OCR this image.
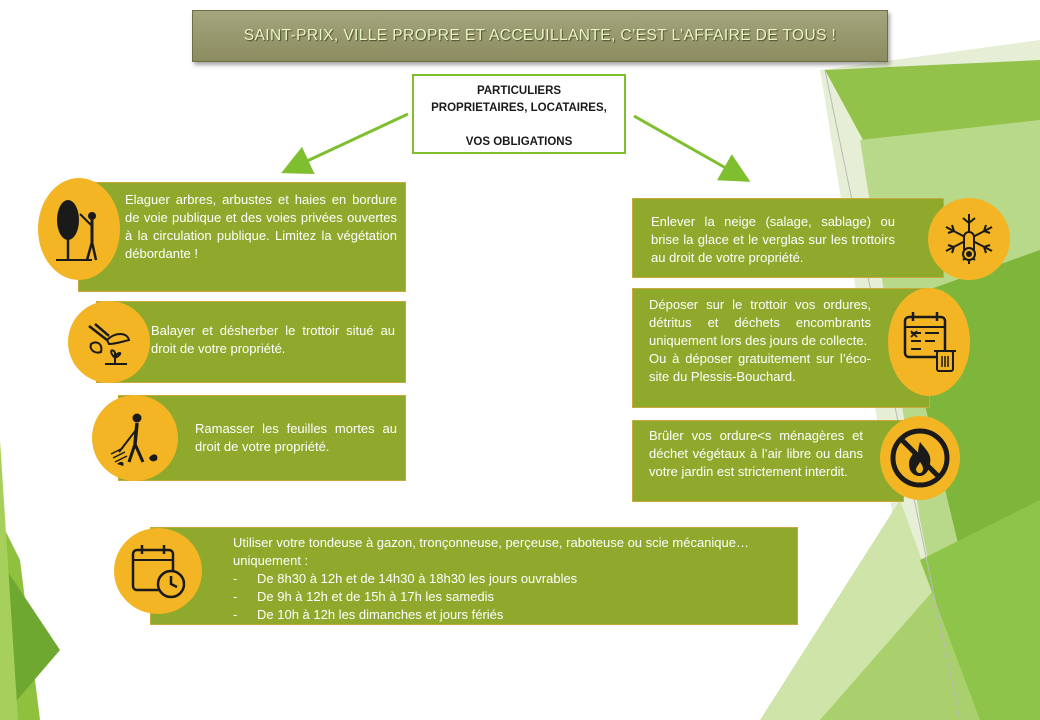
SAINT-PRIX, VILLE PROPRE ET ACCEUILLANTE, C’EST L’AFFAIRE DE TOUS !
PARTICULIERS
PROPRIETAIRES, LOCATAIRES,
VOS OBLIGATIONS

Elaguer arbres, arbustes et haies en bordure de voie publique et des voies privées ouvertes à la circulation publique. Limitez la végétation débordante !

Balayer et désherber le trottoir situé au droit de votre propriété.

Ramasser les feuilles mortes au droit de votre propriété.

Enlever la neige (salage, sablage) ou brise la glace et le verglas sur les trottoirs au droit de votre propriété.

Déposer sur le trottoir vos ordures, détritus et déchets encombrants uniquement lors des jours de collecte.

Ou à déposer gratuitement sur l’éco-site du Plessis-Bouchard.

Brûler vos ordure<s ménagères et déchet végétaux à l’air libre ou dans votre jardin est strictement interdit.

Utiliser votre tondeuse à gazon, tronçonneuse, perçeuse, raboteuse ou scie mécanique… uniquement :

-	De 8h30 à 12h et de 14h30 à 18h30 les jours ouvrables
-	De 9h à 12h et de 15h à 17h les samedis
-	De 10h à 12h les dimanches et jours fériés
